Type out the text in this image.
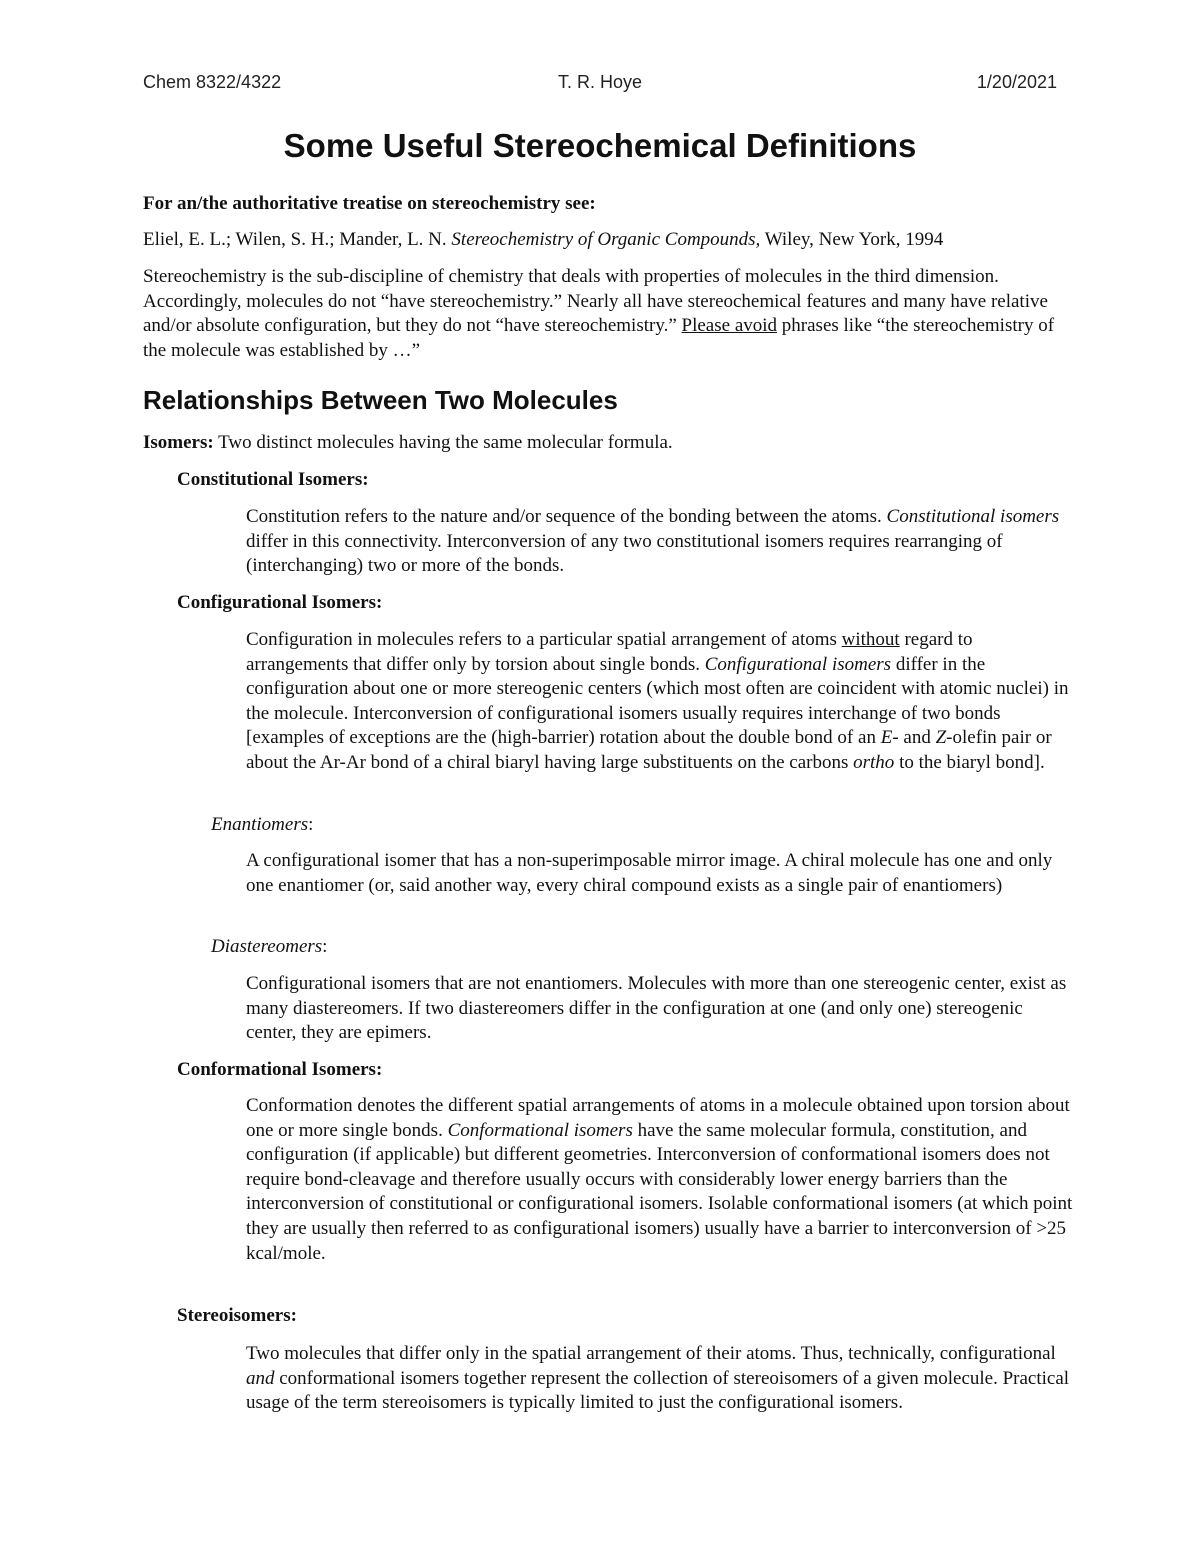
Chem 8322/4322	T. R. Hoye	1/20/2021
Some Useful Stereochemical Definitions

For an/the authoritative treatise on stereochemistry see:

Eliel, E. L.; Wilen, S. H.; Mander, L. N. Stereochemistry of Organic Compounds, Wiley, New York, 1994

Stereochemistry is the sub-discipline of chemistry that deals with properties of molecules in the third dimension. Accordingly, molecules do not “have stereochemistry.” Nearly all have stereochemical features and many have relative and/or absolute configuration, but they do not “have stereochemistry.” Please avoid phrases like “the stereochemistry of the molecule was established by …”

Relationships Between Two Molecules

Isomers: Two distinct molecules having the same molecular formula.

Constitutional Isomers:

Constitution refers to the nature and/or sequence of the bonding between the atoms. Constitutional isomers differ in this connectivity. Interconversion of any two constitutional isomers requires rearranging of (interchanging) two or more of the bonds.

Configurational Isomers:

Configuration in molecules refers to a particular spatial arrangement of atoms without regard to arrangements that differ only by torsion about single bonds. Configurational isomers differ in the configuration about one or more stereogenic centers (which most often are coincident with atomic nuclei) in the molecule. Interconversion of configurational isomers usually requires interchange of two bonds [examples of exceptions are the (high-barrier) rotation about the double bond of an E- and Z-olefin pair or about the Ar-Ar bond of a chiral biaryl having large substituents on the carbons ortho to the biaryl bond].

Enantiomers:

A configurational isomer that has a non-superimposable mirror image. A chiral molecule has one and only one enantiomer (or, said another way, every chiral compound exists as a single pair of enantiomers)

Diastereomers:

Configurational isomers that are not enantiomers. Molecules with more than one stereogenic center, exist as many diastereomers. If two diastereomers differ in the configuration at one (and only one) stereogenic center, they are epimers.

Conformational Isomers:

Conformation denotes the different spatial arrangements of atoms in a molecule obtained upon torsion about one or more single bonds. Conformational isomers have the same molecular formula, constitution, and configuration (if applicable) but different geometries. Interconversion of conformational isomers does not require bond-cleavage and therefore usually occurs with considerably lower energy barriers than the interconversion of constitutional or configurational isomers. Isolable conformational isomers (at which point they are usually then referred to as configurational isomers) usually have a barrier to interconversion of >25 kcal/mole.

Stereoisomers:

Two molecules that differ only in the spatial arrangement of their atoms. Thus, technically, configurational and conformational isomers together represent the collection of stereoisomers of a given molecule. Practical usage of the term stereoisomers is typically limited to just the configurational isomers.
